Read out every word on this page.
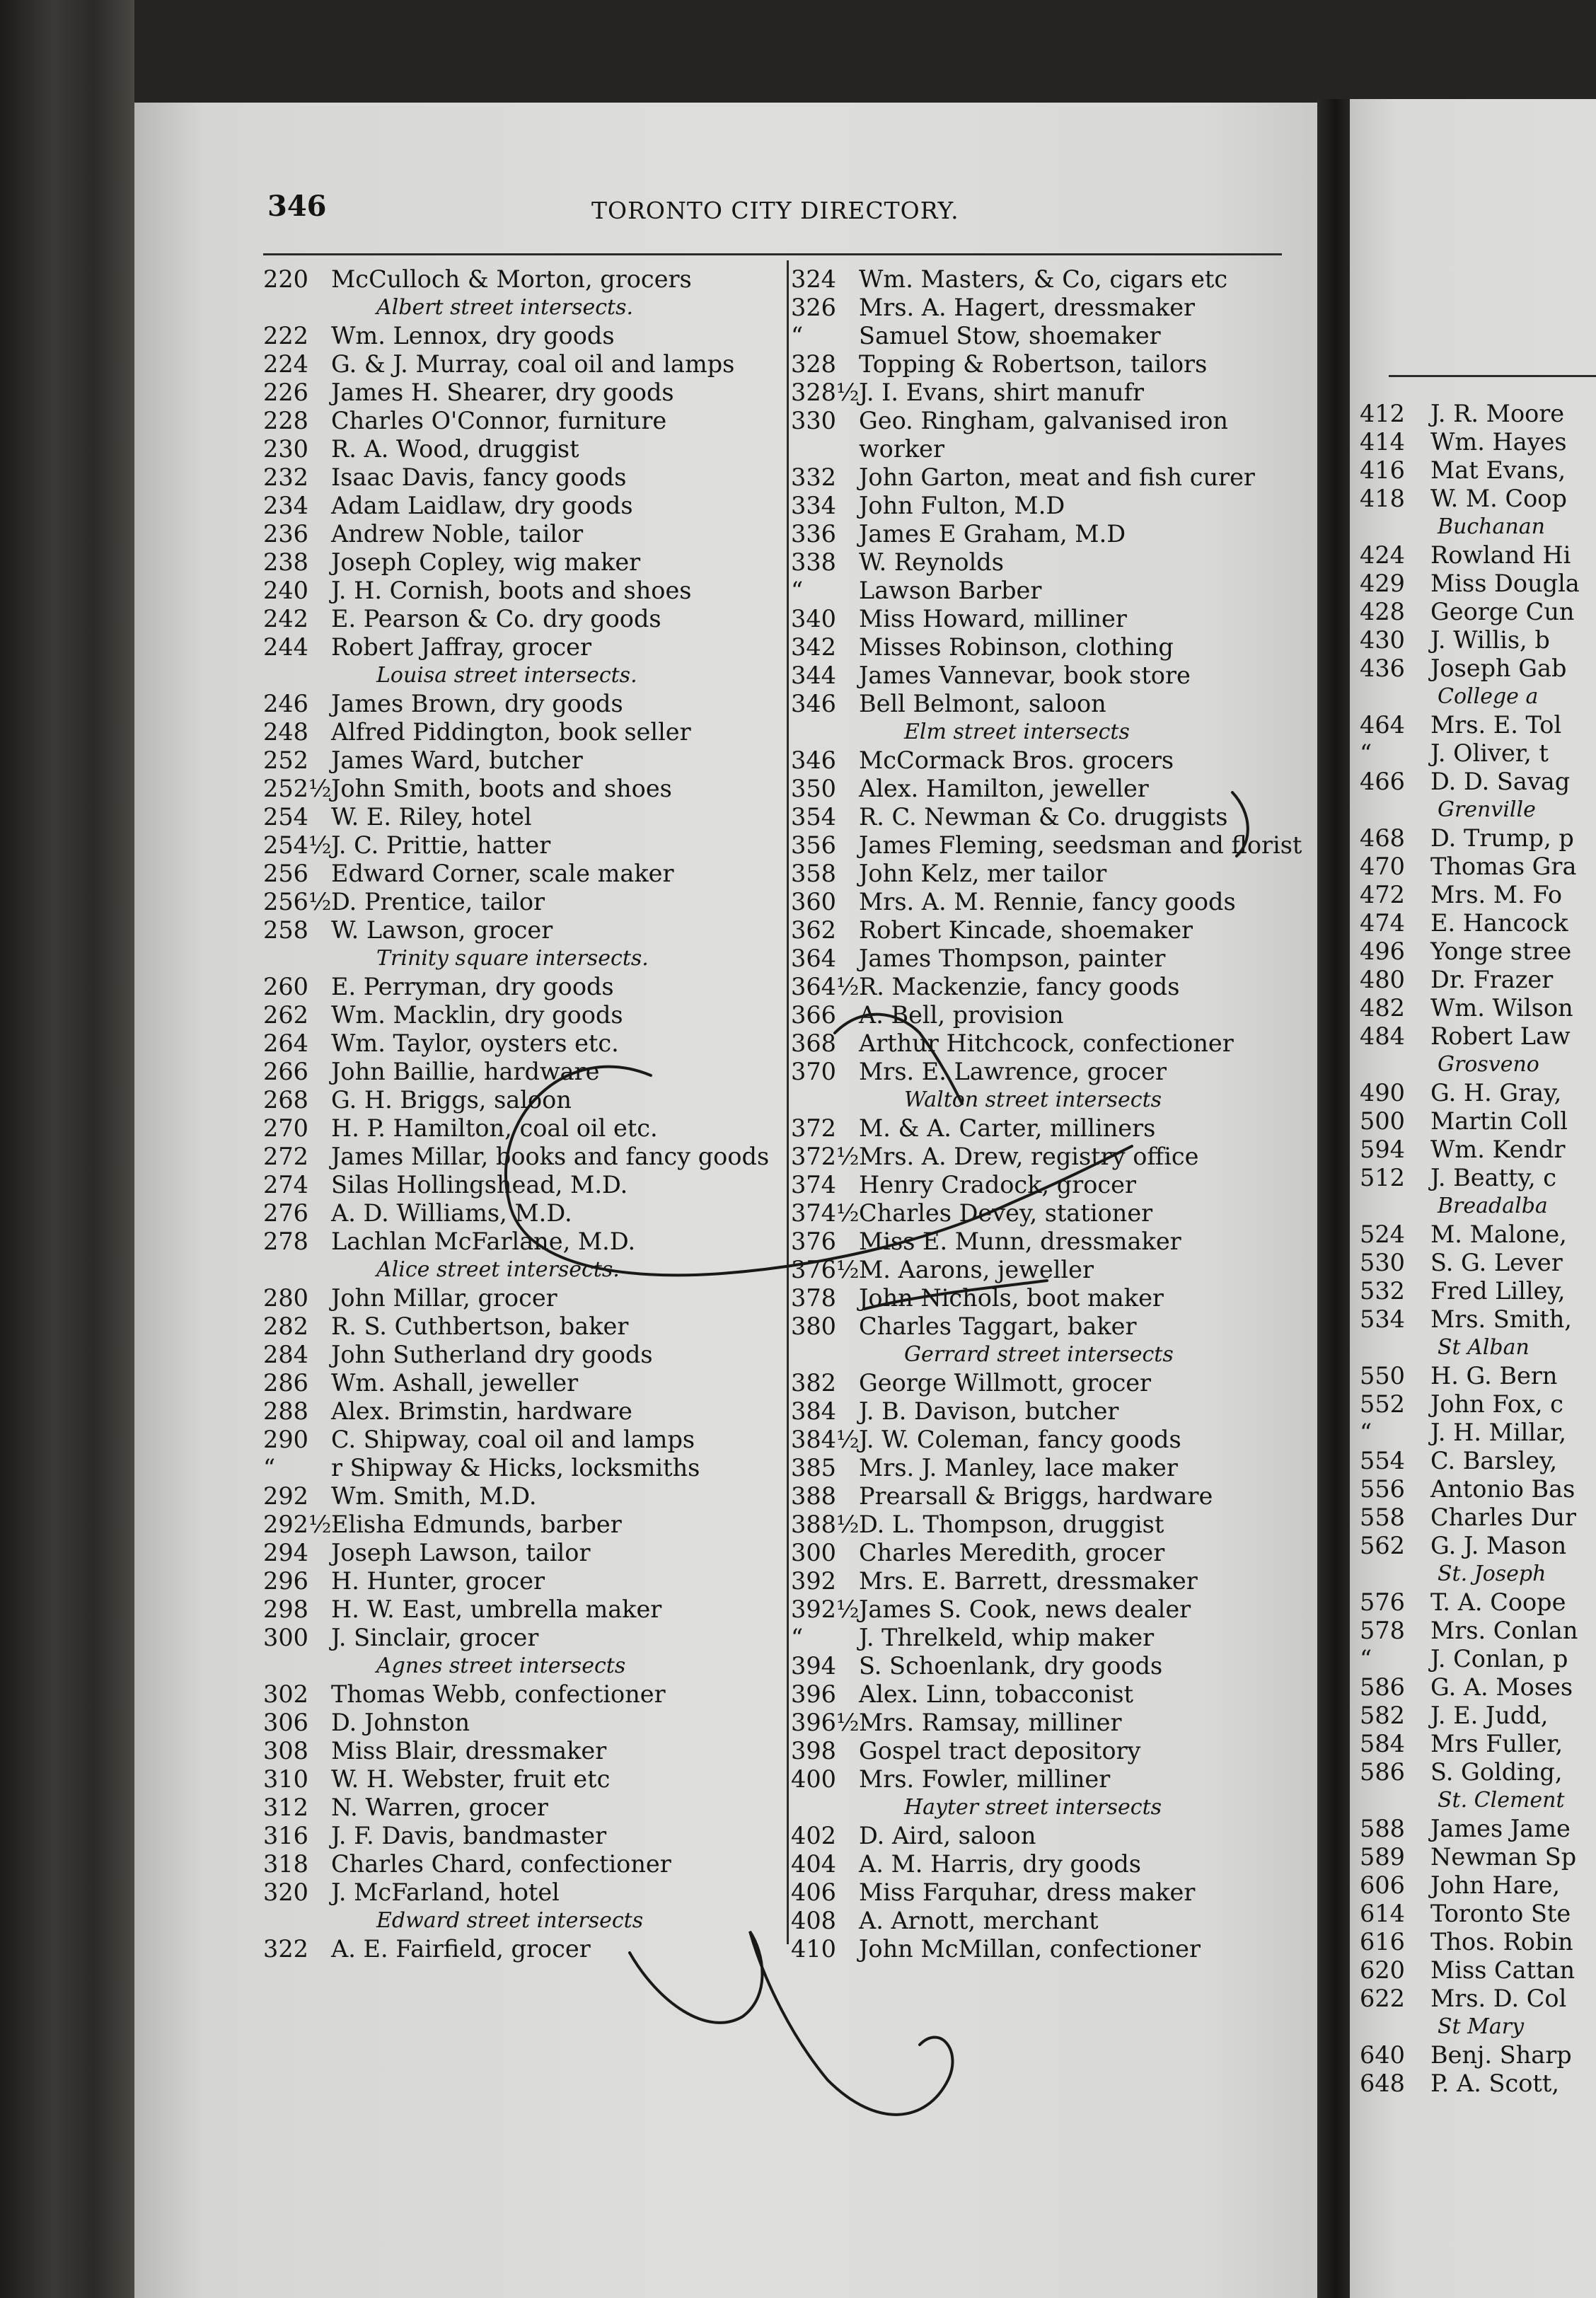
412	J. R. Moore
414	Wm. Hayes
416	Mat Evans,
418	W. M. Coop
Buchanan
424	Rowland Hi
429	Miss Dougla
428	George Cun
430	J. Willis, b
436	Joseph Gab
College a
464	Mrs. E. Tol
“	J. Oliver, t
466	D. D. Savag
Grenville
468	D. Trump, p
470	Thomas Gra
472	Mrs. M. Fo
474	E. Hancock
496	Yonge stree
480	Dr. Frazer
482	Wm. Wilson
484	Robert Law
Grosveno
490	G. H. Gray,
500	Martin Coll
594	Wm. Kendr
512	J. Beatty, c
Breadalba
524	M. Malone,
530	S. G. Lever
532	Fred Lilley,
534	Mrs. Smith,
St Alban
550	H. G. Bern
552	John Fox, c
“	J. H. Millar,
554	C. Barsley,
556	Antonio Bas
558	Charles Dur
562	G. J. Mason
St. Joseph
576	T. A. Coope
578	Mrs. Conlan
“	J. Conlan, p
586	G. A. Moses
582	J. E. Judd,
584	Mrs Fuller,
586	S. Golding,
St. Clement
588	James Jame
589	Newman Sp
606	John Hare,
614	Toronto Ste
616	Thos. Robin
620	Miss Cattan
622	Mrs. D. Col
St Mary
640	Benj. Sharp
648	P. A. Scott,
346	TORONTO CITY DIRECTORY.
220 McCulloch & Morton, grocers
Albert street intersects.
222 Wm. Lennox, dry goods
224 G. & J. Murray, coal oil and lamps
226 James H. Shearer, dry goods
228 Charles O'Connor, furniture
230 R. A. Wood, druggist
232 Isaac Davis, fancy goods
234 Adam Laidlaw, dry goods
236 Andrew Noble, tailor
238 Joseph Copley, wig maker
240 J. H. Cornish, boots and shoes
242 E. Pearson & Co. dry goods
244 Robert Jaffray, grocer
Louisa street intersects.
246 James Brown, dry goods
248 Alfred Piddington, book seller
252 James Ward, butcher
252½ John Smith, boots and shoes
254 W. E. Riley, hotel
254½ J. C. Prittie, hatter
256 Edward Corner, scale maker
256½ D. Prentice, tailor
258 W. Lawson, grocer
Trinity square intersects.
260 E. Perryman, dry goods
262 Wm. Macklin, dry goods
264 Wm. Taylor, oysters etc.
266 John Baillie, hardware
268 G. H. Briggs, saloon
270 H. P. Hamilton, coal oil etc.
272 James Millar, books and fancy goods
274 Silas Hollingshead, M.D.
276 A. D. Williams, M.D.
278 Lachlan McFarlane, M.D.
Alice street intersects.
280 John Millar, grocer
282 R. S. Cuthbertson, baker
284 John Sutherland dry goods
286 Wm. Ashall, jeweller
288 Alex. Brimstin, hardware
290 C. Shipway, coal oil and lamps
“	r Shipway & Hicks, locksmiths
292 Wm. Smith, M.D.
292½ Elisha Edmunds, barber
294 Joseph Lawson, tailor
296 H. Hunter, grocer
298 H. W. East, umbrella maker
300 J. Sinclair, grocer
Agnes street intersects
302 Thomas Webb, confectioner
306 D. Johnston
308 Miss Blair, dressmaker
310 W. H. Webster, fruit etc
312 N. Warren, grocer
316 J. F. Davis, bandmaster
318 Charles Chard, confectioner
320 J. McFarland, hotel
Edward street intersects
322 A. E. Fairfield, grocer
324 Wm. Masters, & Co, cigars etc
326 Mrs. A. Hagert, dressmaker
“	Samuel Stow, shoemaker
328 Topping & Robertson, tailors
328½ J. I. Evans, shirt manufr
330 Geo. Ringham, galvanised iron worker
332 John Garton, meat and fish curer
334 John Fulton, M.D
336 James E Graham, M.D
338 W. Reynolds
“	Lawson Barber
340 Miss Howard, milliner
342 Misses Robinson, clothing
344 James Vannevar, book store
346 Bell Belmont, saloon
Elm street intersects
346 McCormack Bros. grocers
350 Alex. Hamilton, jeweller
354 R. C. Newman & Co. druggists
356 James Fleming, seedsman and florist
358 John Kelz, mer tailor
360 Mrs. A. M. Rennie, fancy goods
362 Robert Kincade, shoemaker
364 James Thompson, painter
364½ R. Mackenzie, fancy goods
366 A. Bell, provision
368 Arthur Hitchcock, confectioner
370 Mrs. E. Lawrence, grocer
Walton street intersects
372 M. & A. Carter, milliners
372½ Mrs. A. Drew, registry office
374 Henry Cradock, grocer
374½ Charles Devey, stationer
376 Miss E. Munn, dressmaker
376½ M. Aarons, jeweller
378 John Nichols, boot maker
380 Charles Taggart, baker
Gerrard street intersects
382 George Willmott, grocer
384 J. B. Davison, butcher
384½ J. W. Coleman, fancy goods
385 Mrs. J. Manley, lace maker
388 Prearsall & Briggs, hardware
388½ D. L. Thompson, druggist
300 Charles Meredith, grocer
392 Mrs. E. Barrett, dressmaker
392½ James S. Cook, news dealer
“	J. Threlkeld, whip maker
394 S. Schoenlank, dry goods
396 Alex. Linn, tobacconist
396½ Mrs. Ramsay, milliner
398 Gospel tract depository
400 Mrs. Fowler, milliner
Hayter street intersects
402 D. Aird, saloon
404 A. M. Harris, dry goods
406 Miss Farquhar, dress maker
408 A. Arnott, merchant
410 John McMillan, confectioner
